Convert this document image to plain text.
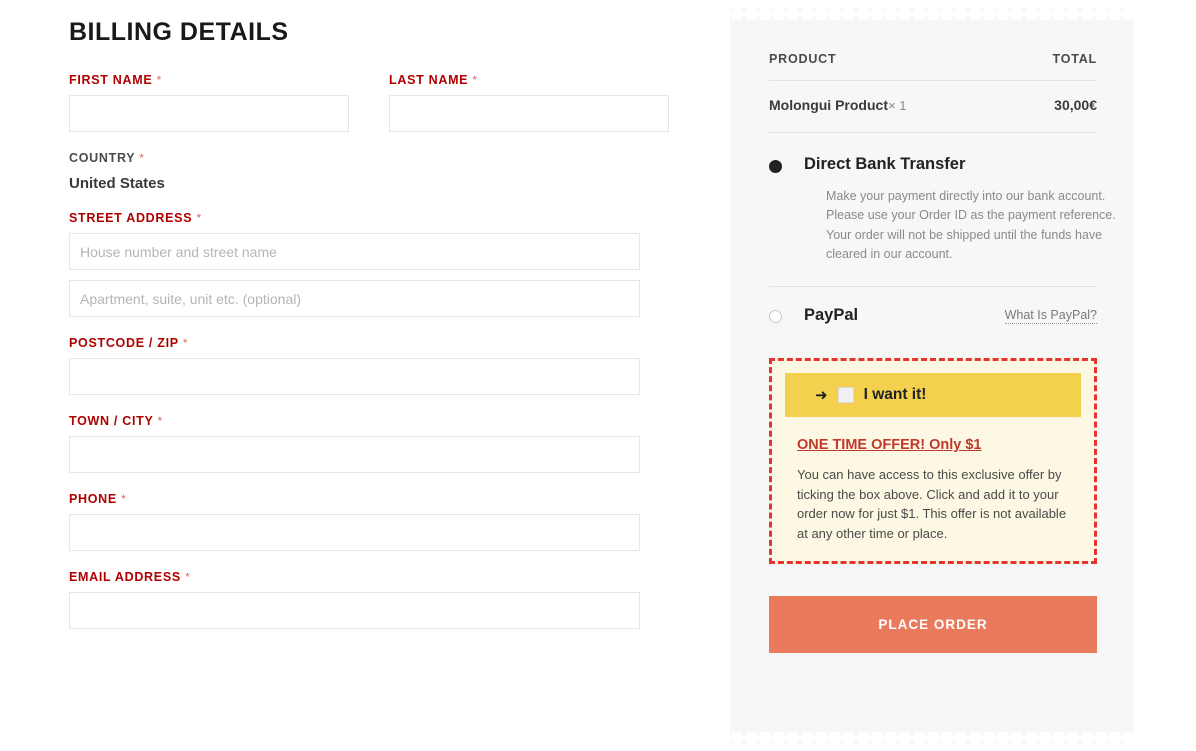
BILLING DETAILS
FIRST NAME *	LAST NAME *
COUNTRY *
United States
STREET ADDRESS *
House number and street name
Apartment, suite, unit etc. (optional)
POSTCODE / ZIP *
TOWN / CITY *
PHONE *
EMAIL ADDRESS *
PRODUCT	TOTAL
Molongui Product× 1	30,00€
Direct Bank Transfer

Make your payment directly into our bank account. Please use your Order ID as the payment reference. Your order will not be shipped until the funds have cleared in our account.

PayPal	What Is PayPal?
➜ I want it!
ONE TIME OFFER! Only $1

You can have access to this exclusive offer by ticking the box above. Click and add it to your order now for just $1. This offer is not available at any other time or place.

PLACE ORDER
